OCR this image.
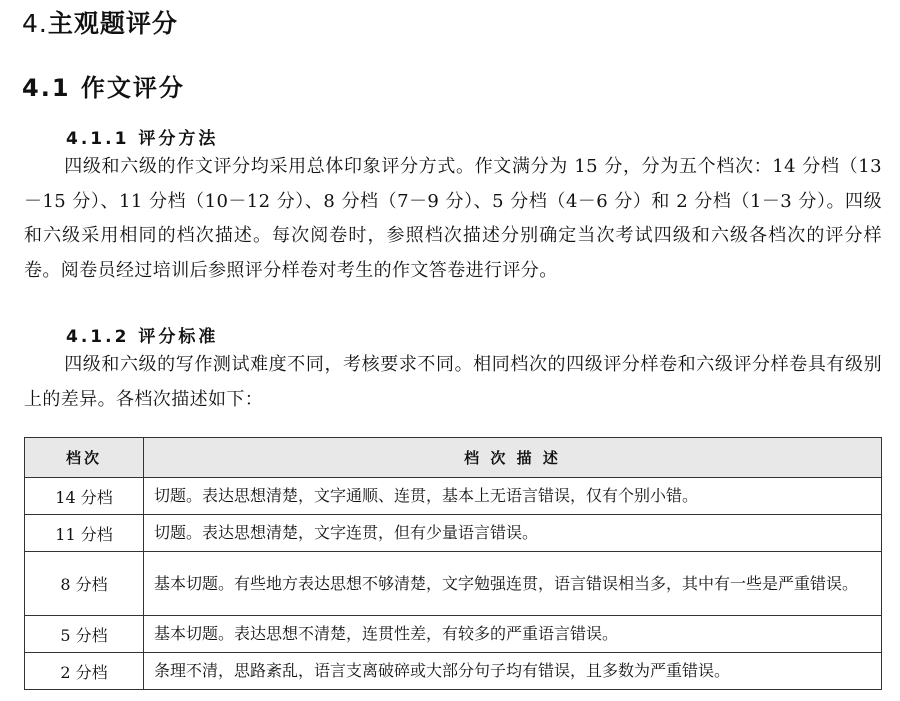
4.主观题评分
4.1 作文评分
4.1.1 评分方法

四级和六级的作文评分均采用总体印象评分方式。作文满分为 15 分，分为五个档次：14 分档（13－15 分）、11 分档（10－12 分）、8 分档（7－9 分）、5 分档（4－6 分）和 2 分档（1－3 分）。四级和六级采用相同的档次描述。每次阅卷时，参照档次描述分别确定当次考试四级和六级各档次的评分样卷。阅卷员经过培训后参照评分样卷对考生的作文答卷进行评分。

4.1.2 评分标准

四级和六级的写作测试难度不同，考核要求不同。相同档次的四级评分样卷和六级评分样卷具有级别上的差异。各档次描述如下：

档次	档 次 描 述
14 分档	切题。表达思想清楚，文字通顺、连贯，基本上无语言错误，仅有个别小错。
11 分档	切题。表达思想清楚，文字连贯，但有少量语言错误。
8 分档	基本切题。有些地方表达思想不够清楚，文字勉强连贯，语言错误相当多，其中有一些是严重错误。
5 分档	基本切题。表达思想不清楚，连贯性差，有较多的严重语言错误。
2 分档	条理不清，思路紊乱，语言支离破碎或大部分句子均有错误，且多数为严重错误。
